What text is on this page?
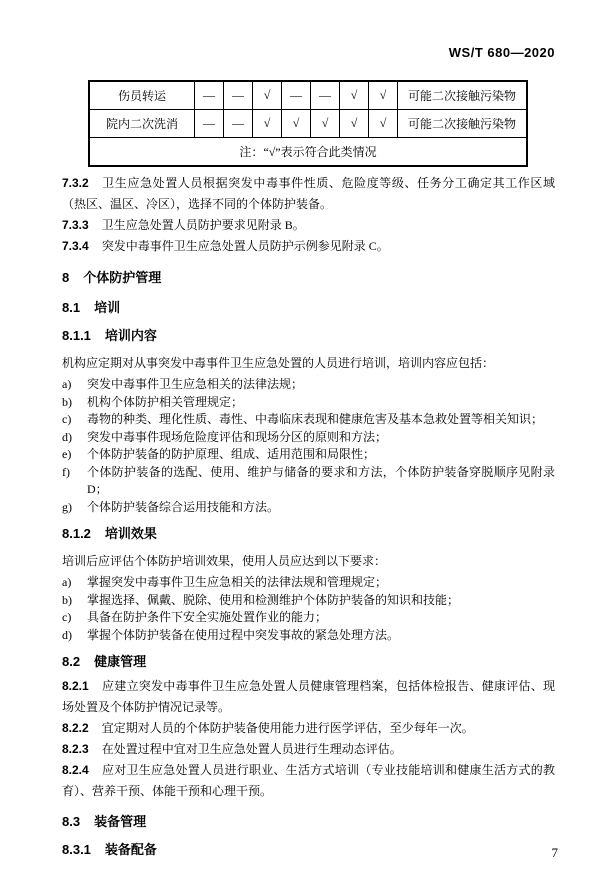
WS/T 680—2020
伤员转运	—	—	√	—	—	√	√	可能二次接触污染物
院内二次洗消	—	—	√	√	√	√	√	可能二次接触污染物
注：“√”表示符合此类情况								

7.3.2 卫生应急处置人员根据突发中毒事件性质、危险度等级、任务分工确定其工作区域（热区、温区、冷区），选择不同的个体防护装备。

7.3.3 卫生应急处置人员防护要求见附录 B。

7.3.4 突发中毒事件卫生应急处置人员防护示例参见附录 C。

8 个体防护管理
8.1 培训
8.1.1 培训内容

机构应定期对从事突发中毒事件卫生应急处置的人员进行培训，培训内容应包括：

a)	突发中毒事件卫生应急相关的法律法规；
b)	机构个体防护相关管理规定；
c)	毒物的种类、理化性质、毒性、中毒临床表现和健康危害及基本急救处置等相关知识；
d)	突发中毒事件现场危险度评估和现场分区的原则和方法；
e)	个体防护装备的防护原理、组成、适用范围和局限性；
f)	个体防护装备的选配、使用、维护与储备的要求和方法，个体防护装备穿脱顺序见附录 D；
g)	个体防护装备综合运用技能和方法。
8.1.2 培训效果

培训后应评估个体防护培训效果，使用人员应达到以下要求：

a)	掌握突发中毒事件卫生应急相关的法律法规和管理规定；
b)	掌握选择、佩戴、脱除、使用和检测维护个体防护装备的知识和技能；
c)	具备在防护条件下安全实施处置作业的能力；
d)	掌握个体防护装备在使用过程中突发事故的紧急处理方法。
8.2 健康管理

8.2.1 应建立突发中毒事件卫生应急处置人员健康管理档案，包括体检报告、健康评估、现场处置及个体防护情况记录等。

8.2.2 宜定期对人员的个体防护装备使用能力进行医学评估，至少每年一次。

8.2.3 在处置过程中宜对卫生应急处置人员进行生理动态评估。

8.2.4 应对卫生应急处置人员进行职业、生活方式培训（专业技能培训和健康生活方式的教育）、营养干预、体能干预和心理干预。

8.3 装备管理
8.3.1 装备配备	7
